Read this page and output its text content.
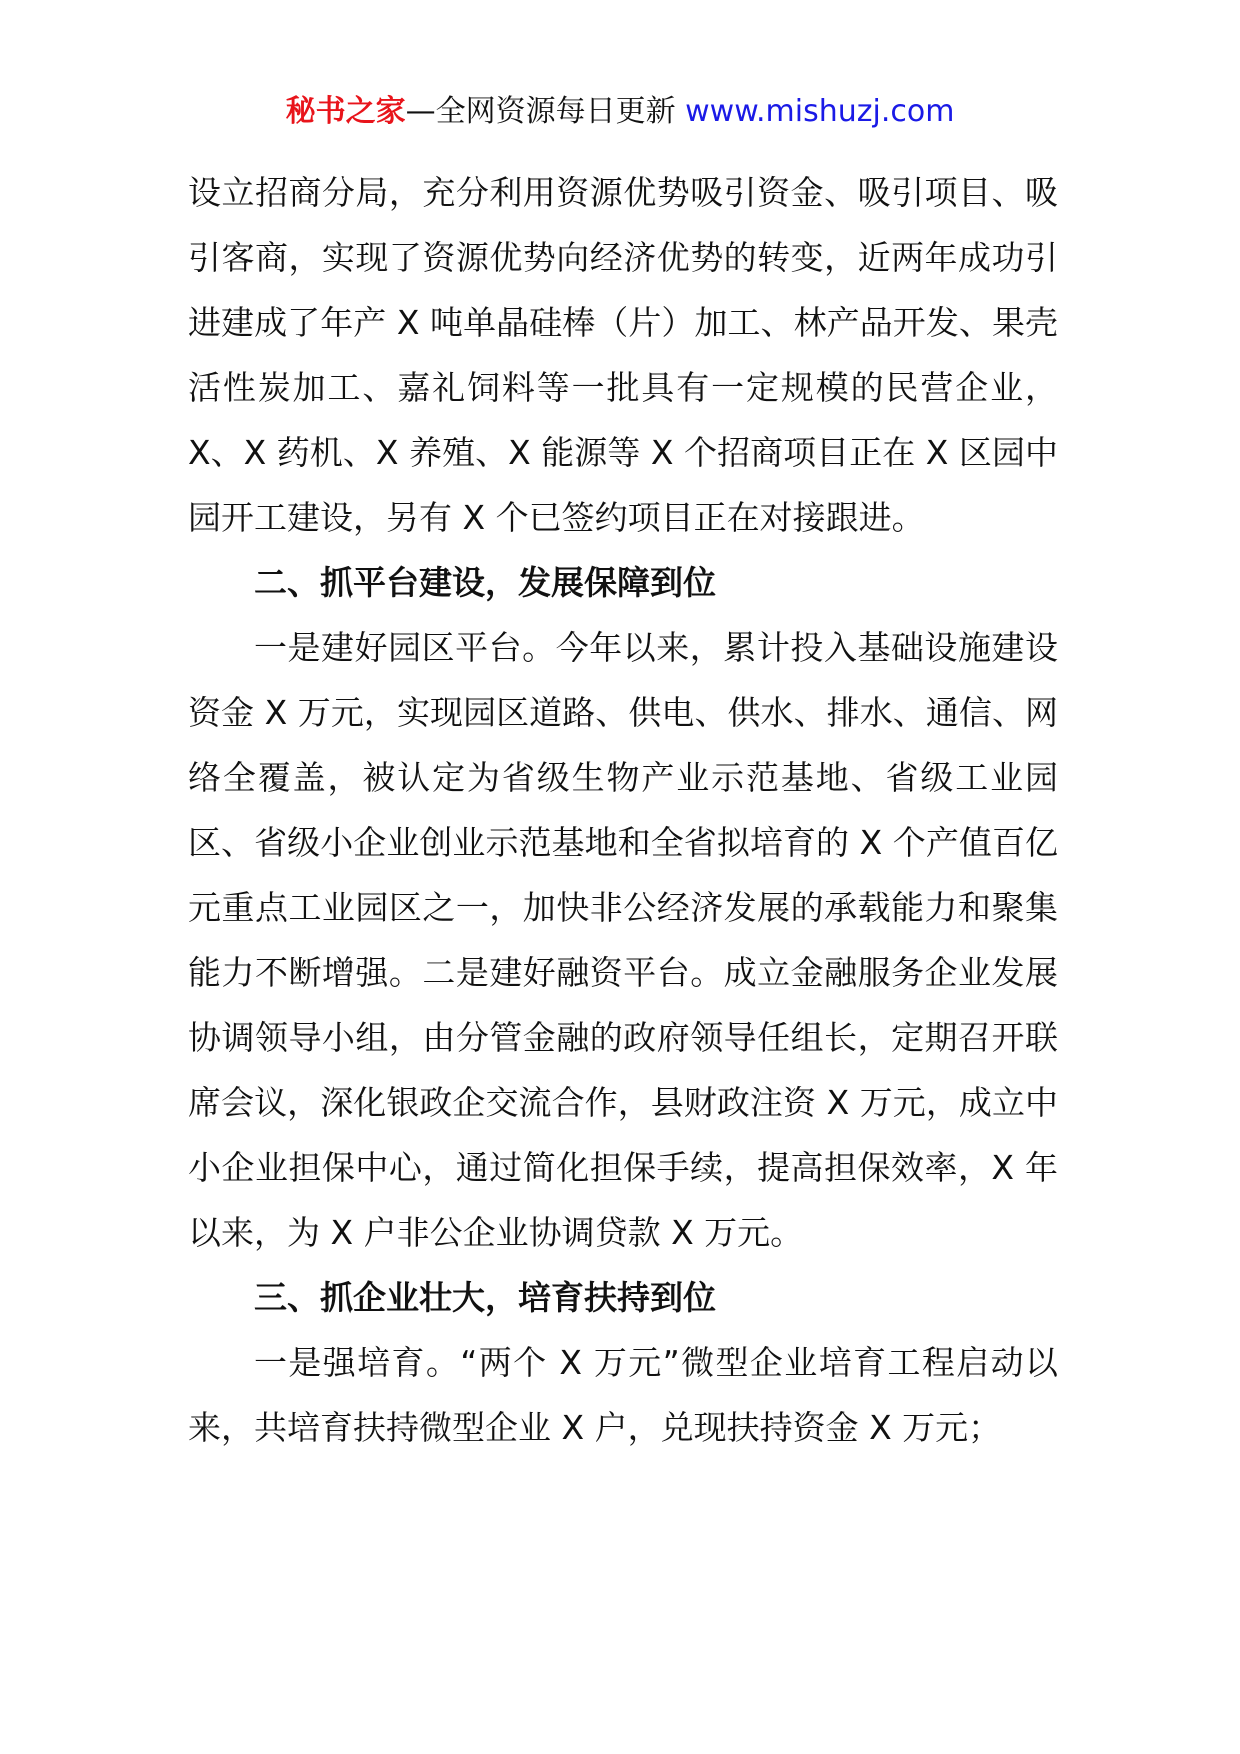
秘书之家—全网资源每日更新 www.mishuzj.com

设立招商分局，充分利用资源优势吸引资金、吸引项目、吸引客商，实现了资源优势向经济优势的转变，近两年成功引进建成了年产 X 吨单晶硅棒（片）加工、林产品开发、果壳活性炭加工、嘉礼饲料等一批具有一定规模的民营企业，X、X 药机、X 养殖、X 能源等 X 个招商项目正在 X 区园中园开工建设，另有 X 个已签约项目正在对接跟进。

二、抓平台建设，发展保障到位

一是建好园区平台。今年以来，累计投入基础设施建设资金 X 万元，实现园区道路、供电、供水、排水、通信、网络全覆盖，被认定为省级生物产业示范基地、省级工业园区、省级小企业创业示范基地和全省拟培育的 X 个产值百亿元重点工业园区之一，加快非公经济发展的承载能力和聚集能力不断增强。二是建好融资平台。成立金融服务企业发展协调领导小组，由分管金融的政府领导任组长，定期召开联席会议，深化银政企交流合作，县财政注资 X 万元，成立中小企业担保中心，通过简化担保手续，提高担保效率，X 年以来，为 X 户非公企业协调贷款 X 万元。

三、抓企业壮大，培育扶持到位

一是强培育。“两个 X 万元”微型企业培育工程启动以来，共培育扶持微型企业 X 户，兑现扶持资金 X 万元；
